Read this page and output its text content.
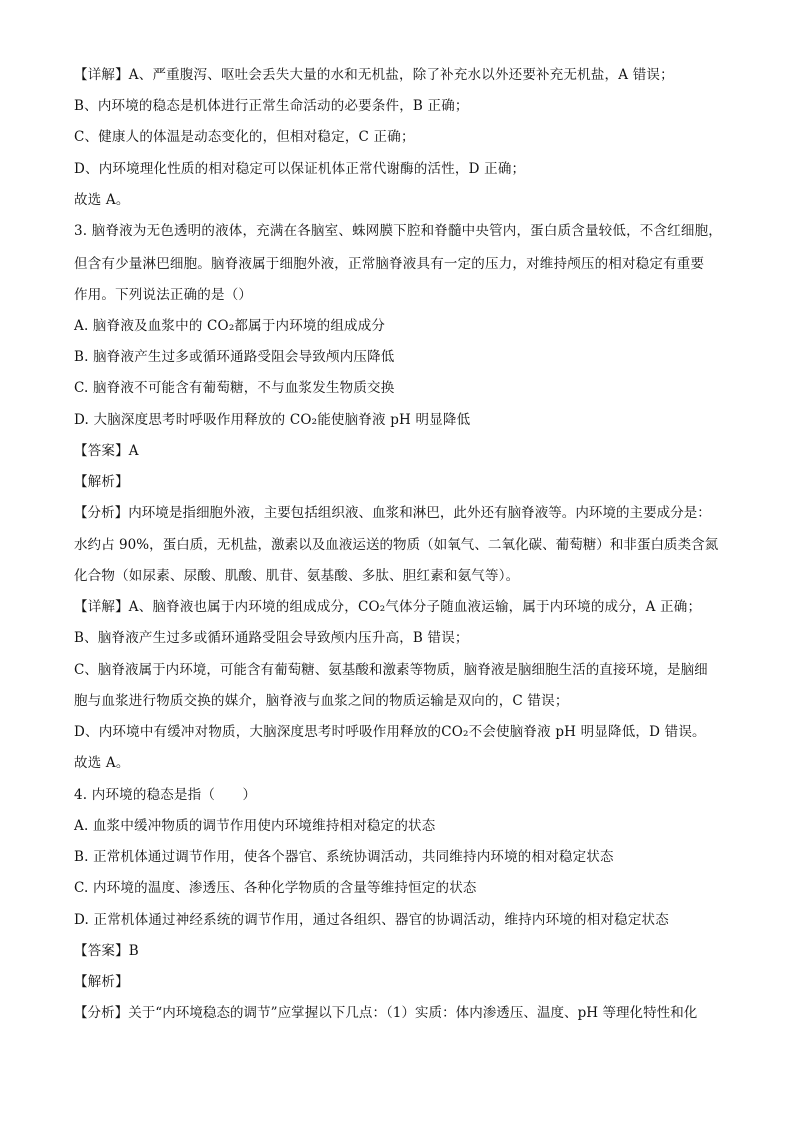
【详解】A、严重腹泻、呕吐会丢失大量的水和无机盐，除了补充水以外还要补充无机盐，A 错误；
B、内环境的稳态是机体进行正常生命活动的必要条件，B 正确；
C、健康人的体温是动态变化的，但相对稳定，C 正确；
D、内环境理化性质的相对稳定可以保证机体正常代谢酶的活性，D 正确；
故选 A。
3. 脑脊液为无色透明的液体，充满在各脑室、蛛网膜下腔和脊髓中央管内，蛋白质含量较低，不含红细胞，
但含有少量淋巴细胞。脑脊液属于细胞外液，正常脑脊液具有一定的压力，对维持颅压的相对稳定有重要
作用。下列说法正确的是（）
A. 脑脊液及血浆中的 CO₂都属于内环境的组成成分
B. 脑脊液产生过多或循环通路受阻会导致颅内压降低
C. 脑脊液不可能含有葡萄糖，不与血浆发生物质交换
D. 大脑深度思考时呼吸作用释放的 CO₂能使脑脊液 pH 明显降低
【答案】A
【解析】
【分析】内环境是指细胞外液，主要包括组织液、血浆和淋巴，此外还有脑脊液等。内环境的主要成分是：
水约占 90%，蛋白质，无机盐，激素以及血液运送的物质（如氧气、二氧化碳、葡萄糖）和非蛋白质类含氮
化合物（如尿素、尿酸、肌酸、肌苷、氨基酸、多肽、胆红素和氨气等）。
【详解】A、脑脊液也属于内环境的组成成分，CO₂气体分子随血液运输，属于内环境的成分，A 正确；
B、脑脊液产生过多或循环通路受阻会导致颅内压升高，B 错误；
C、脑脊液属于内环境，可能含有葡萄糖、氨基酸和激素等物质，脑脊液是脑细胞生活的直接环境，是脑细
胞与血浆进行物质交换的媒介，脑脊液与血浆之间的物质运输是双向的，C 错误；
D、内环境中有缓冲对物质，大脑深度思考时呼吸作用释放的CO₂不会使脑脊液 pH 明显降低，D 错误。
故选 A。
4. 内环境的稳态是指（　　）
A. 血浆中缓冲物质的调节作用使内环境维持相对稳定的状态
B. 正常机体通过调节作用，使各个器官、系统协调活动，共同维持内环境的相对稳定状态
C. 内环境的温度、渗透压、各种化学物质的含量等维持恒定的状态
D. 正常机体通过神经系统的调节作用，通过各组织、器官的协调活动，维持内环境的相对稳定状态
【答案】B
【解析】
【分析】关于“内环境稳态的调节”应掌握以下几点：（1）实质：体内渗透压、温度、pH 等理化特性和化
